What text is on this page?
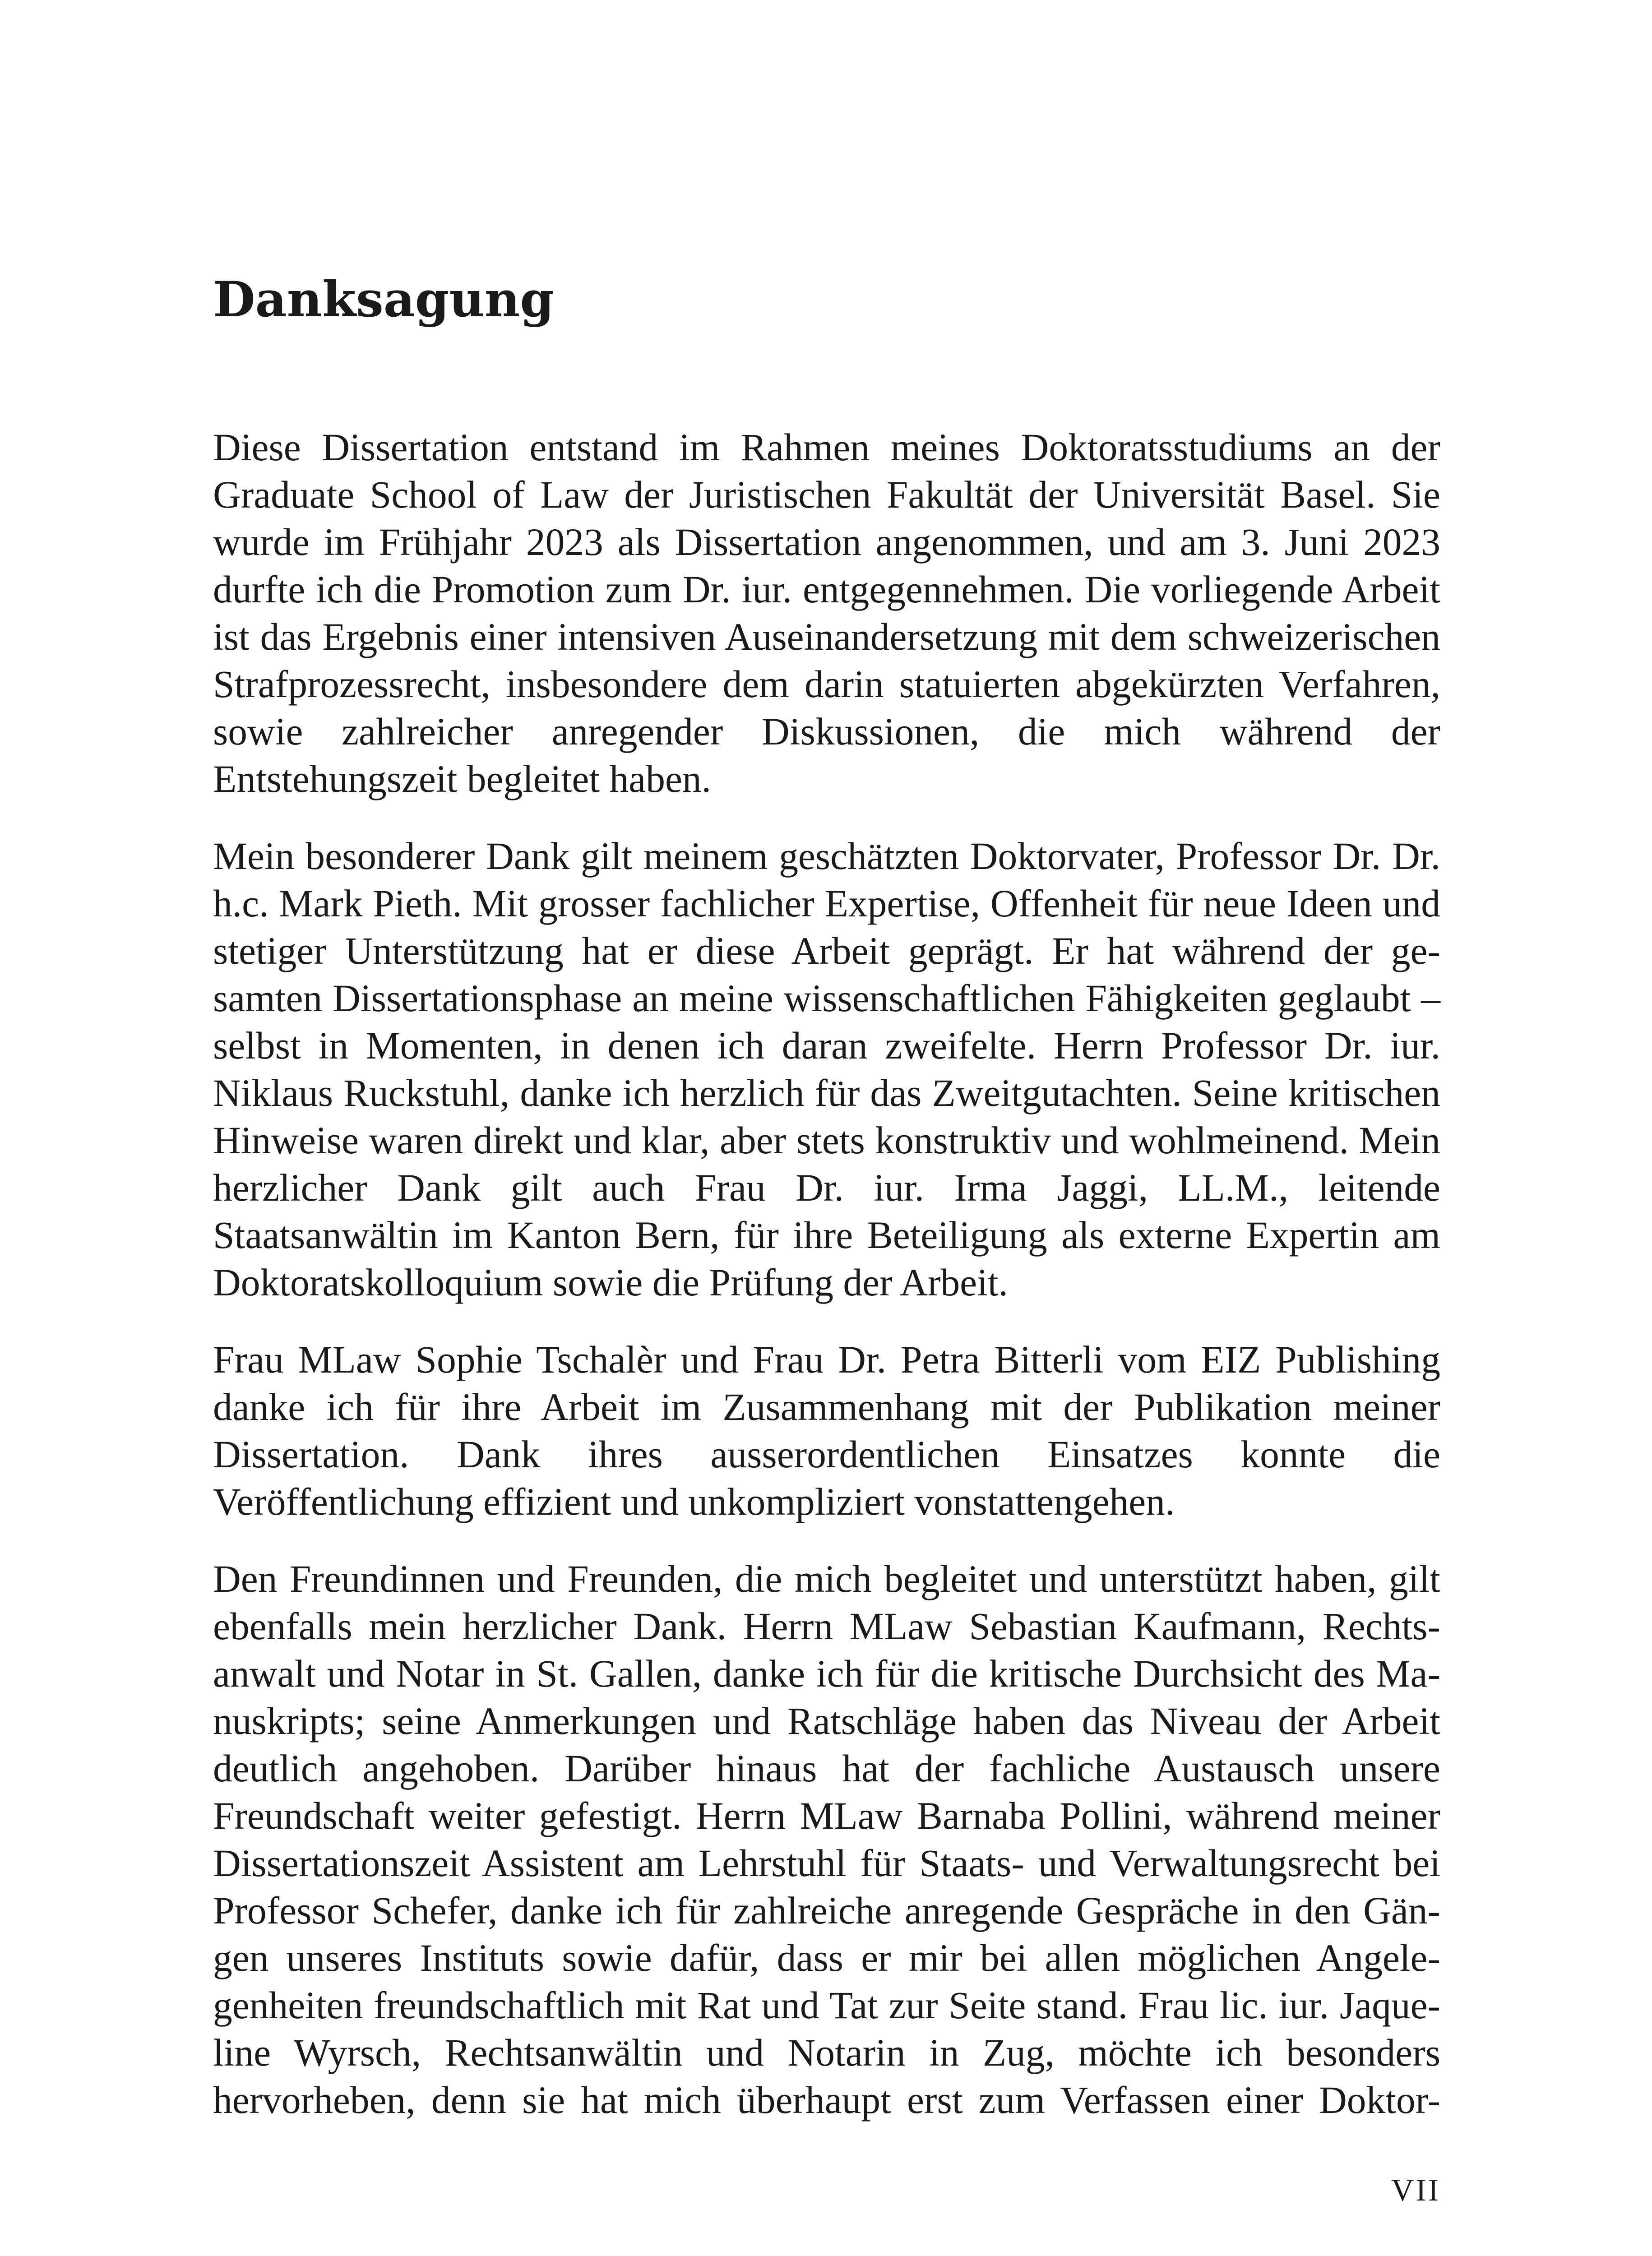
Danksagung

Diese Dissertation entstand im Rahmen meines Doktoratsstudiums an der Graduate School of Law der Juristischen Fakultät der Universität Basel. Sie wurde im Frühjahr 2023 als Dissertation angenommen, und am 3. Juni 2023 durfte ich die Promotion zum Dr. iur. entgegennehmen. Die vorliegende Arbeit ist das Ergebnis einer intensiven Auseinandersetzung mit dem schweizerischen Strafprozessrecht, insbesondere dem darin statuierten abgekürzten Verfahren, sowie zahlreicher anregender Diskussionen, die mich während der Entstehungszeit begleitet haben.

Mein besonderer Dank gilt meinem geschätzten Doktorvater, Professor Dr. Dr. h.c. Mark Pieth. Mit grosser fachlicher Expertise, Offenheit für neue Ideen und stetiger Unterstützung hat er diese Arbeit geprägt. Er hat während der gesamten Dissertationsphase an meine wissenschaftlichen Fähigkeiten geglaubt – selbst in Momenten, in denen ich daran zweifelte. Herrn Professor Dr. iur. Niklaus Ruckstuhl, danke ich herzlich für das Zweitgutachten. Seine kritischen Hinweise waren direkt und klar, aber stets konstruktiv und wohlmeinend. Mein herzlicher Dank gilt auch Frau Dr. iur. Irma Jaggi, LL.M., leitende Staatsanwältin im Kanton Bern, für ihre Beteiligung als externe Expertin am Doktoratskolloquium sowie die Prüfung der Arbeit.

Frau MLaw Sophie Tschalèr und Frau Dr. Petra Bitterli vom EIZ Publishing danke ich für ihre Arbeit im Zusammenhang mit der Publikation meiner Dissertation. Dank ihres ausserordentlichen Einsatzes konnte die Veröffentlichung effizient und unkompliziert vonstattengehen.

Den Freundinnen und Freunden, die mich begleitet und unterstützt haben, gilt ebenfalls mein herzlicher Dank. Herrn MLaw Sebastian Kaufmann, Rechtsanwalt und Notar in St. Gallen, danke ich für die kritische Durchsicht des Manuskripts; seine Anmerkungen und Ratschläge haben das Niveau der Arbeit deutlich angehoben. Darüber hinaus hat der fachliche Austausch unsere Freundschaft weiter gefestigt. Herrn MLaw Barnaba Pollini, während meiner Dissertationszeit Assistent am Lehrstuhl für Staats- und Verwaltungsrecht bei Professor Schefer, danke ich für zahlreiche anregende Gespräche in den Gängen unseres Instituts sowie dafür, dass er mir bei allen möglichen Angelegenheiten freundschaftlich mit Rat und Tat zur Seite stand. Frau lic. iur. Jaqueline Wyrsch, Rechtsanwältin und Notarin in Zug, möchte ich besonders hervorheben, denn sie hat mich überhaupt erst zum Verfassen einer Doktor-

VII
